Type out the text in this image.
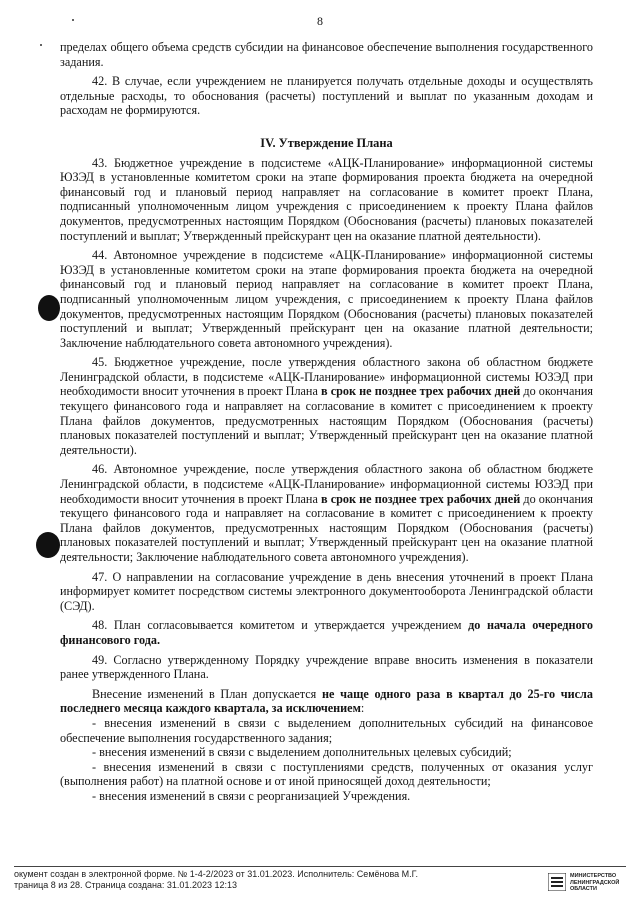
8

пределах общего объема средств субсидии на финансовое обеспечение выполнения государственного задания.

42. В случае, если учреждением не планируется получать отдельные доходы и осуществлять отдельные расходы, то обоснования (расчеты) поступлений и выплат по указанным доходам и расходам не формируются.

IV. Утверждение Плана

43. Бюджетное учреждение в подсистеме «АЦК-Планирование» информационной системы ЮЗЭД в установленные комитетом сроки на этапе формирования проекта бюджета на очередной финансовый год и плановый период направляет на согласование в комитет проект Плана, подписанный уполномоченным лицом учреждения с присоединением к проекту Плана файлов документов, предусмотренных настоящим Порядком (Обоснования (расчеты) плановых показателей поступлений и выплат; Утвержденный прейскурант цен на оказание платной деятельности).

44. Автономное учреждение в подсистеме «АЦК-Планирование» информационной системы ЮЗЭД в установленные комитетом сроки на этапе формирования проекта бюджета на очередной финансовый год и плановый период направляет на согласование в комитет проект Плана, подписанный уполномоченным лицом учреждения, с присоединением к проекту Плана файлов документов, предусмотренных настоящим Порядком (Обоснования (расчеты) плановых показателей поступлений и выплат; Утвержденный прейскурант цен на оказание платной деятельности; Заключение наблюдательного совета автономного учреждения).

45. Бюджетное учреждение, после утверждения областного закона об областном бюджете Ленинградской области, в подсистеме «АЦК-Планирование» информационной системы ЮЗЭД при необходимости вносит уточнения в проект Плана в срок не позднее трех рабочих дней до окончания текущего финансового года и направляет на согласование в комитет с присоединением к проекту Плана файлов документов, предусмотренных настоящим Порядком (Обоснования (расчеты) плановых показателей поступлений и выплат; Утвержденный прейскурант цен на оказание платной деятельности).

46. Автономное учреждение, после утверждения областного закона об областном бюджете Ленинградской области, в подсистеме «АЦК-Планирование» информационной системы ЮЗЭД при необходимости вносит уточнения в проект Плана в срок не позднее трех рабочих дней до окончания текущего финансового года и направляет на согласование в комитет с присоединением к проекту Плана файлов документов, предусмотренных настоящим Порядком (Обоснования (расчеты) плановых показателей поступлений и выплат; Утвержденный прейскурант цен на оказание платной деятельности; Заключение наблюдательного совета автономного учреждения).

47. О направлении на согласование учреждение в день внесения уточнений в проект Плана информирует комитет посредством системы электронного документооборота Ленинградской области (СЭД).

48. План согласовывается комитетом и утверждается учреждением до начала очередного финансового года.

49. Согласно утвержденному Порядку учреждение вправе вносить изменения в показатели ранее утвержденного Плана.

Внесение изменений в План допускается не чаще одного раза в квартал до 25-го числа последнего месяца каждого квартала, за исключением:

- внесения изменений в связи с выделением дополнительных субсидий на финансовое обеспечение выполнения государственного задания;

- внесения изменений в связи с выделением дополнительных целевых субсидий;

- внесения изменений в связи с поступлениями средств, полученных от оказания услуг (выполнения работ) на платной основе и от иной приносящей доход деятельности;

- внесения изменений в связи с реорганизацией Учреждения.

окумент создан в электронной форме. № 1-4-2/2023 от 31.01.2023. Исполнитель: Семёнова М.Г.
траница 8 из 28. Страница создана: 31.01.2023 12:13
МИНИСТЕРСТВО ЛЕНИНГРАДСКОЙ ОБЛАСТИ
